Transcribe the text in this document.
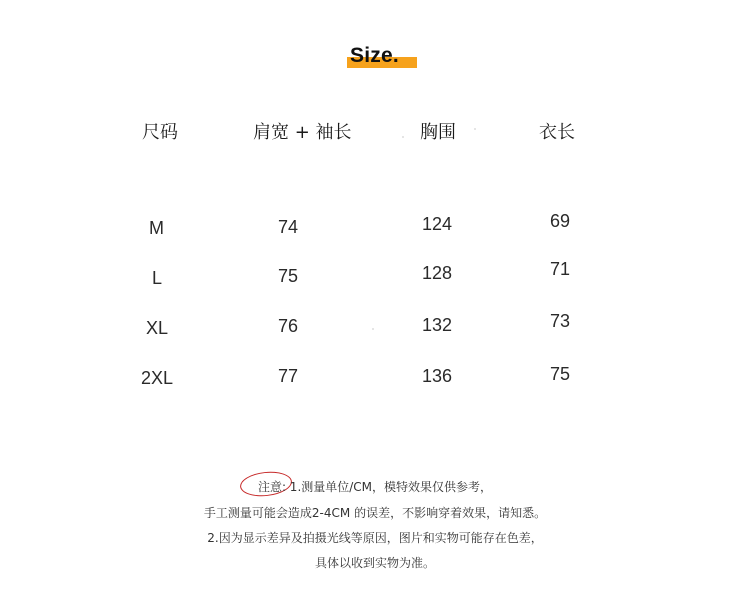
Size.
尺码	肩宽 + 袖长	胸围	衣长
M	74	124	69
L	75	128	71
XL	76	132	73
2XL	77	136	75
注意: 1.测量单位/CM，模特效果仅供参考，
手工测量可能会造成2-4CM 的误差，不影响穿着效果，请知悉。
2.因为显示差异及拍摄光线等原因，图片和实物可能存在色差，
具体以收到实物为准。
